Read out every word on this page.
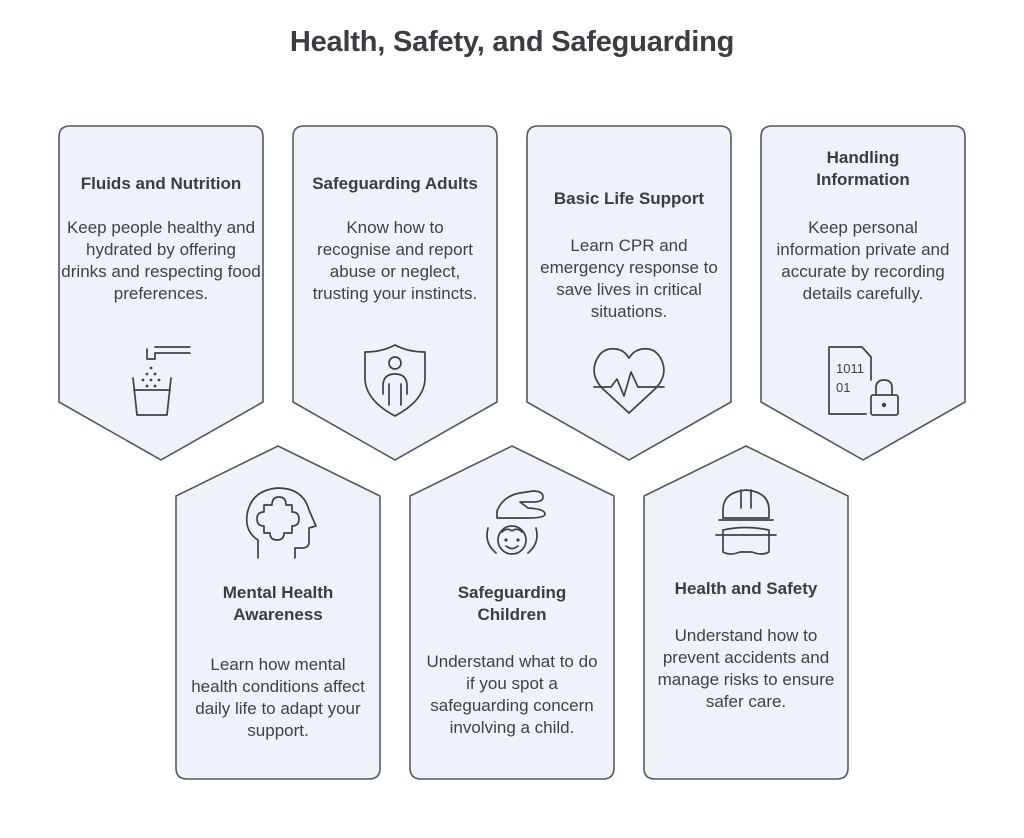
Health, Safety, and Safeguarding
1011
01
Fluids and Nutrition
Keep people healthy and hydrated by offering drinks and respecting food preferences.
Safeguarding Adults
Know how to recognise and report abuse or neglect, trusting your instincts.
Basic Life Support
Learn CPR and emergency response to save lives in critical situations.
Handling Information
Keep personal information private and accurate by recording details carefully.
Mental Health Awareness
Learn how mental health conditions affect daily life to adapt your support.
Safeguarding Children
Understand what to do if you spot a safeguarding concern involving a child.
Health and Safety
Understand how to prevent accidents and manage risks to ensure safer care.
